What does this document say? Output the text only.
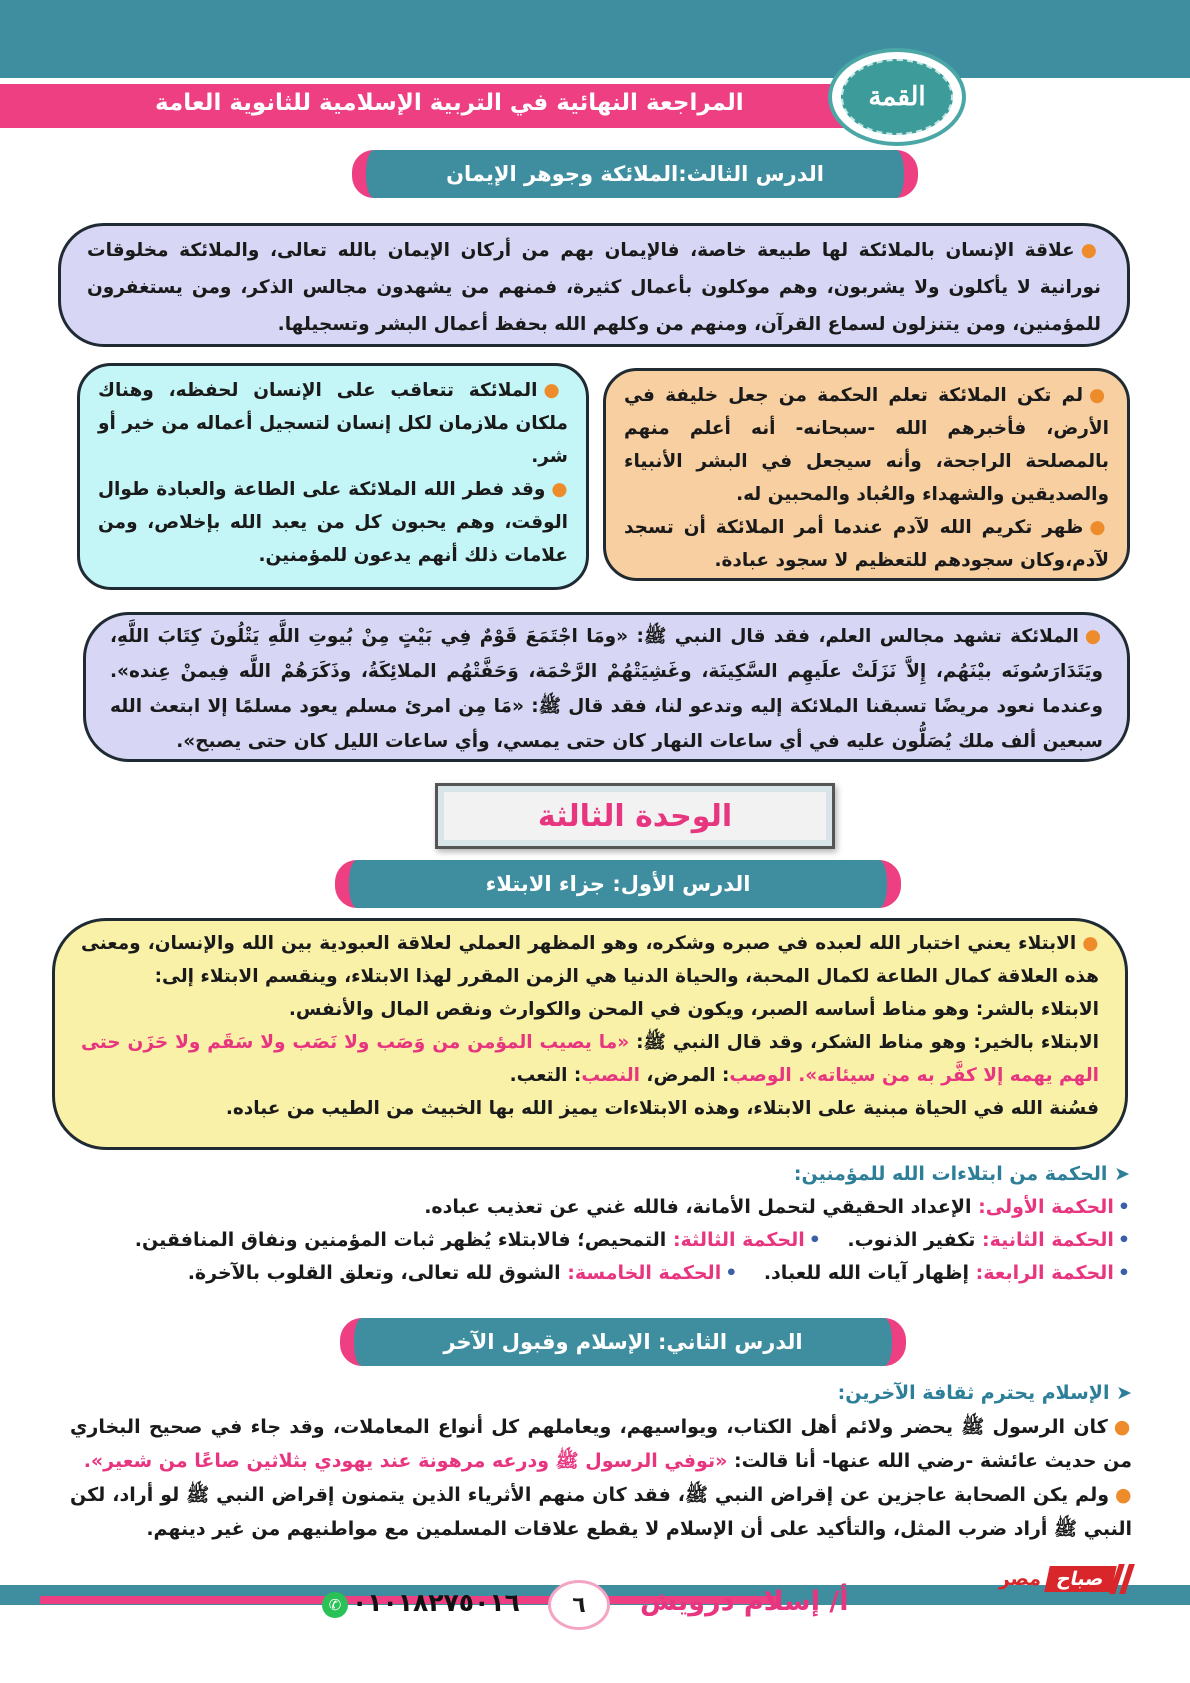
المراجعة النهائية في التربية الإسلامية للثانوية العامة	القمة
الدرس الثالث:الملائكة وجوهر الإيمان
●علاقة الإنسان بالملائكة لها طبيعة خاصة، فالإيمان بهم من أركان الإيمان بالله تعالى، والملائكة مخلوقات نورانية لا يأكلون ولا يشربون، وهم موكلون بأعمال كثيرة، فمنهم من يشهدون مجالس الذكر، ومن يستغفرون للمؤمنين، ومن يتنزلون لسماع القرآن، ومنهم من وكلهم الله بحفظ أعمال البشر وتسجيلها.
●لم تكن الملائكة تعلم الحكمة من جعل خليفة في الأرض، فأخبرهم الله -سبحانه- أنه أعلم منهم بالمصلحة الراجحة، وأنه سيجعل في البشر الأنبياء والصديقين والشهداء والعُباد والمحبين له.
●ظهر تكريم الله لآدم عندما أمر الملائكة أن تسجد لآدم،وكان سجودهم للتعظيم لا سجود عبادة.
●الملائكة تتعاقب على الإنسان لحفظه، وهناك ملكان ملازمان لكل إنسان لتسجيل أعماله من خير أو شر.
●وقد فطر الله الملائكة على الطاعة والعبادة طوال الوقت، وهم يحبون كل من يعبد الله بإخلاص، ومن علامات ذلك أنهم يدعون للمؤمنين.
●الملائكة تشهد مجالس العلم، فقد قال النبي ﷺ: «ومَا اجْتَمَعَ قَوْمٌ فِي بَيْتٍ مِنْ بُيوتِ اللَّهِ يَتْلُونَ كِتَابَ اللَّهِ، ويَتَدَارَسُونَه بيْنَهُم، إِلاَّ نَزَلَتْ علَيهِم السَّكِينَة، وغَشِيَتْهُمْ الرَّحْمَة، وَحَفَّتْهُم الملائِكَةُ، وذَكَرَهُمْ اللَّه فِيمنْ عِنده». وعندما نعود مريضًا تسبقنا الملائكة إليه وتدعو لنا، فقد قال ﷺ: «مَا مِن امرئ مسلم يعود مسلمًا إلا ابتعث الله سبعين ألف ملك يُصَلُّون عليه في أي ساعات النهار كان حتى يمسي، وأي ساعات الليل كان حتى يصبح».
الوحدة الثالثة
الدرس الأول: جزاء الابتلاء
●الابتلاء يعني اختبار الله لعبده في صبره وشكره، وهو المظهر العملي لعلاقة العبودية بين الله والإنسان، ومعنى هذه العلاقة كمال الطاعة لكمال المحبة، والحياة الدنيا هي الزمن المقرر لهذا الابتلاء، وينقسم الابتلاء إلى:
الابتلاء بالشر: وهو مناط أساسه الصبر، ويكون في المحن والكوارث ونقص المال والأنفس.
الابتلاء بالخير: وهو مناط الشكر، وقد قال النبي ﷺ: «ما يصيب المؤمن من وَصَب ولا نَصَب ولا سَقَم ولا حَزَن حتى الهم يهمه إلا كفَّر به من سيئاته». الوصب: المرض، النصب: التعب.
فسُنة الله في الحياة مبنية على الابتلاء، وهذه الابتلاءات يميز الله بها الخبيث من الطيب من عباده.
➤ الحكمة من ابتلاءات الله للمؤمنين:
•الحكمة الأولى: الإعداد الحقيقي لتحمل الأمانة، فالله غني عن تعذيب عباده.
•الحكمة الثانية: تكفير الذنوب.    •الحكمة الثالثة: التمحيص؛ فالابتلاء يُظهر ثبات المؤمنين ونفاق المنافقين.
•الحكمة الرابعة: إظهار آيات الله للعباد.    •الحكمة الخامسة: الشوق لله تعالى، وتعلق القلوب بالآخرة.
الدرس الثاني: الإسلام وقبول الآخر
➤ الإسلام يحترم ثقافة الآخرين:
●كان الرسول ﷺ يحضر ولائم أهل الكتاب، ويواسيهم، ويعاملهم كل أنواع المعاملات، وقد جاء في صحيح البخاري من حديث عائشة -رضي الله عنها- أنا قالت: «توفي الرسول ﷺ ودرعه مرهونة عند يهودي بثلاثين صاعًا من شعير».
●ولم يكن الصحابة عاجزين عن إقراض النبي ﷺ، فقد كان منهم الأثرياء الذين يتمنون إقراض النبي ﷺ لو أراد، لكن النبي ﷺ أراد ضرب المثل، والتأكيد على أن الإسلام لا يقطع علاقات المسلمين مع مواطنيهم من غير دينهم.
صباح
مصر
أ/ إسلام درويش
٦
✆ ٠١٠١٨٢٧٥٠١٦
